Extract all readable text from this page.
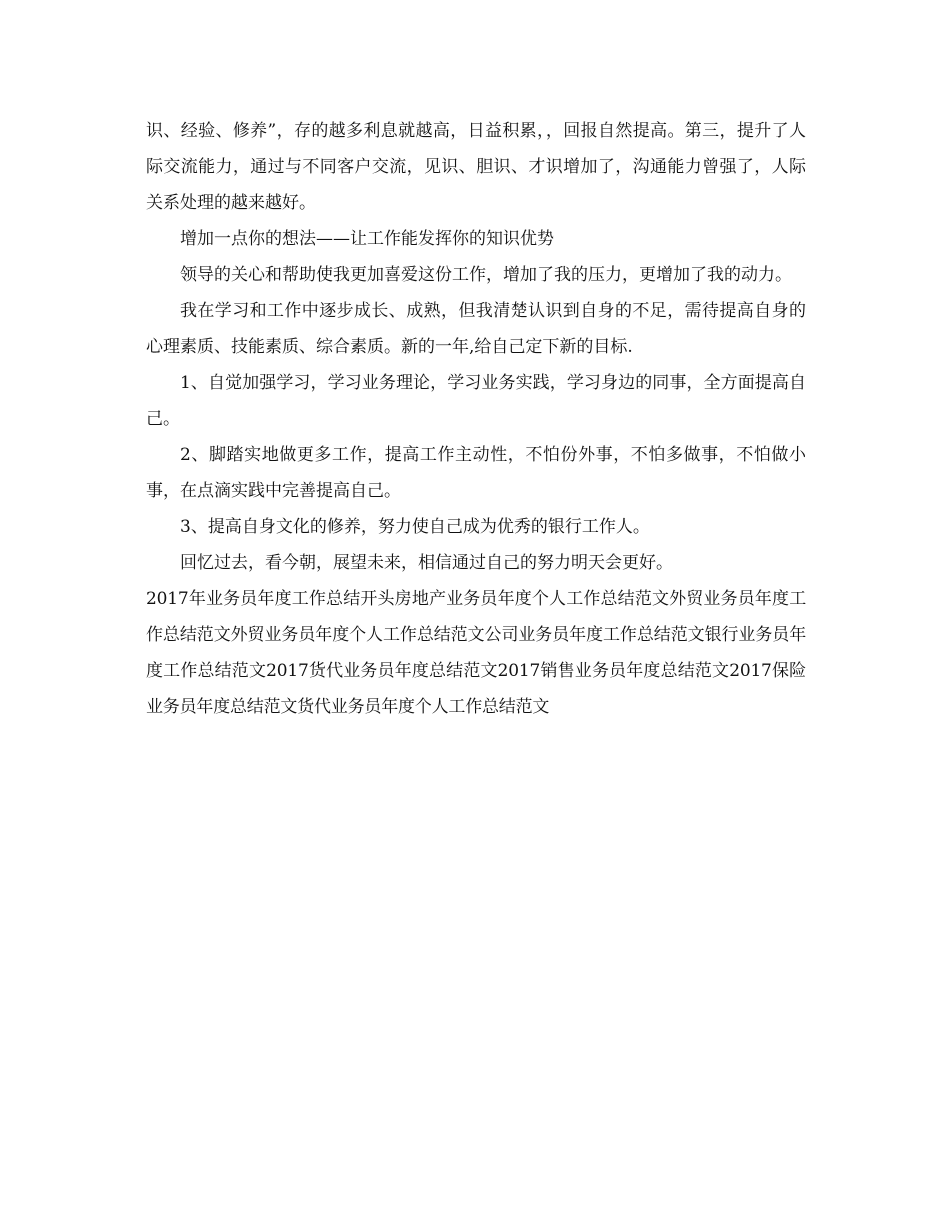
识、经验、修养”，存的越多利息就越高，日益积累，，回报自然提高。第三，提升了人际交流能力，通过与不同客户交流，见识、胆识、才识增加了，沟通能力曾强了，人际关系处理的越来越好。

增加一点你的想法——让工作能发挥你的知识优势

领导的关心和帮助使我更加喜爱这份工作，增加了我的压力，更增加了我的动力。

我在学习和工作中逐步成长、成熟，但我清楚认识到自身的不足，需待提高自身的心理素质、技能素质、综合素质。新的一年,给自己定下新的目标.

1、自觉加强学习，学习业务理论，学习业务实践，学习身边的同事，全方面提高自己。

2、脚踏实地做更多工作，提高工作主动性，不怕份外事，不怕多做事，不怕做小事，在点滴实践中完善提高自己。

3、提高自身文化的修养，努力使自己成为优秀的银行工作人。

回忆过去，看今朝，展望未来，相信通过自己的努力明天会更好。

2017年业务员年度工作总结开头房地产业务员年度个人工作总结范文外贸业务员年度工作总结范文外贸业务员年度个人工作总结范文公司业务员年度工作总结范文银行业务员年度工作总结范文2017货代业务员年度总结范文2017销售业务员年度总结范文2017保险业务员年度总结范文货代业务员年度个人工作总结范文
